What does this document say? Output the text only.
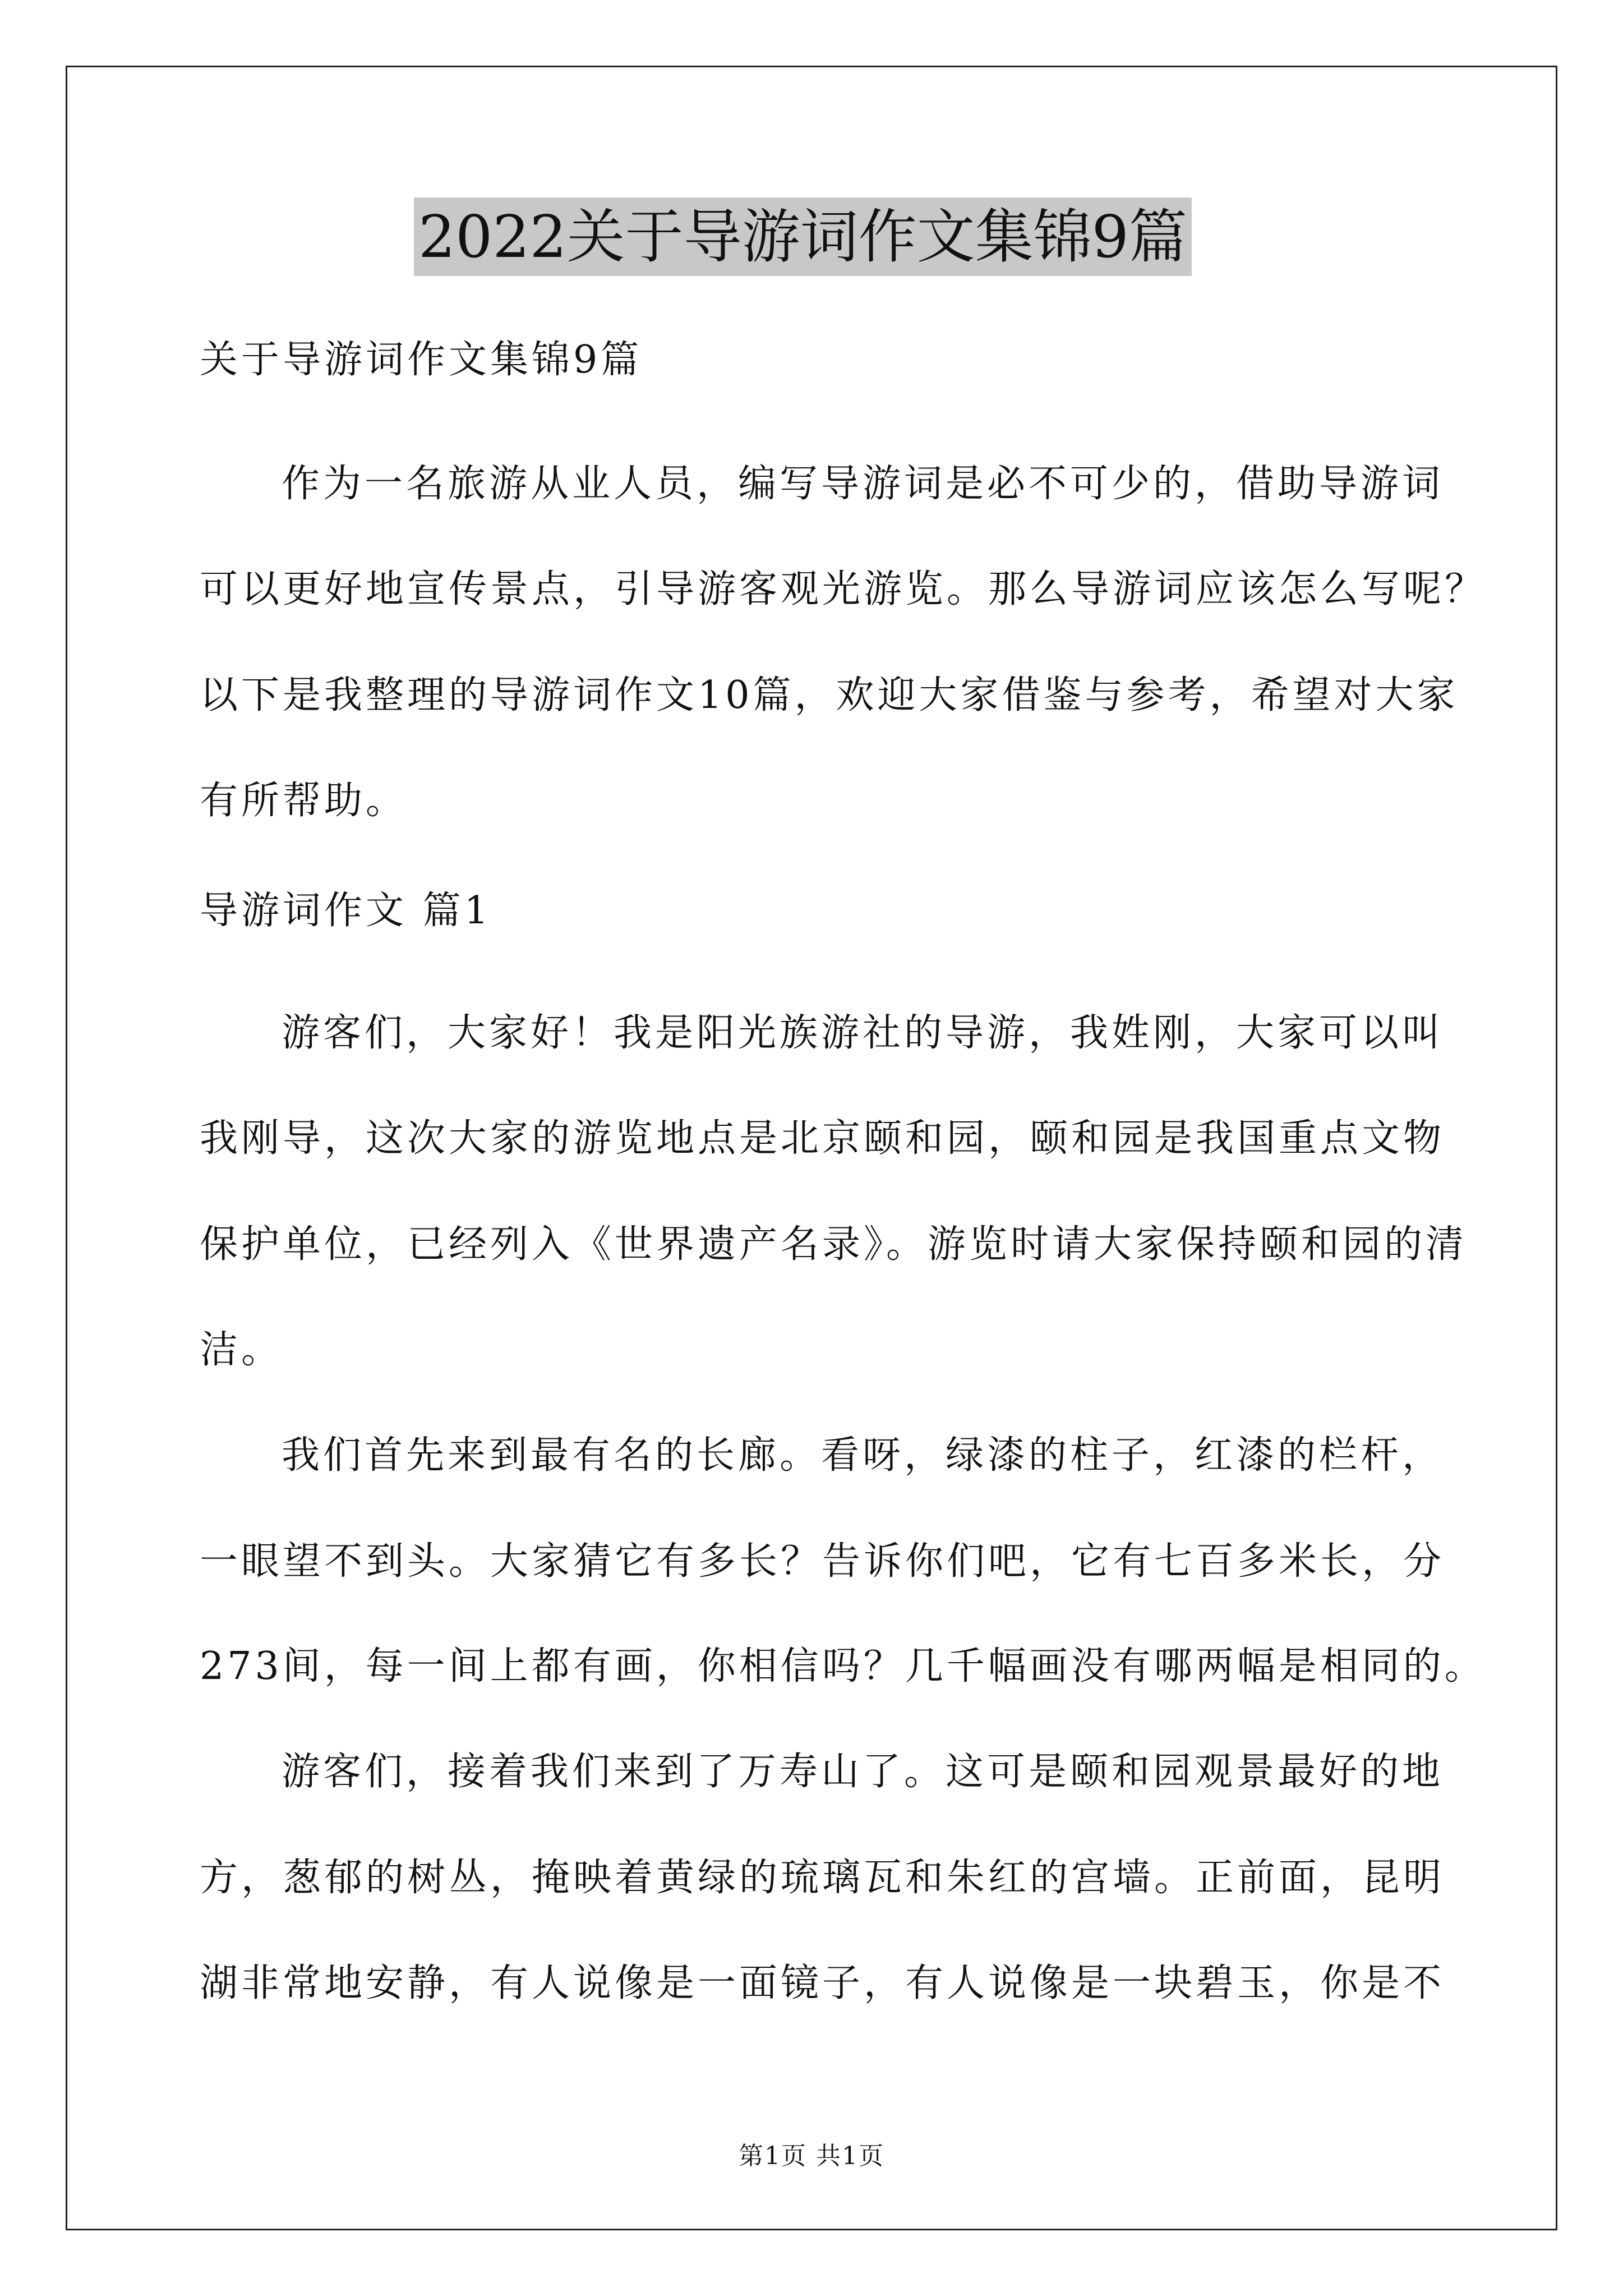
2022关于导游词作文集锦9篇
关于导游词作文集锦9篇
作为一名旅游从业人员，编写导游词是必不可少的，借助导游词
可以更好地宣传景点，引导游客观光游览。那么导游词应该怎么写呢？
以下是我整理的导游词作文10篇，欢迎大家借鉴与参考，希望对大家
有所帮助。
导游词作文 篇1
游客们，大家好！我是阳光族游社的导游，我姓刚，大家可以叫
我刚导，这次大家的游览地点是北京颐和园，颐和园是我国重点文物
保护单位，已经列入《世界遗产名录》。游览时请大家保持颐和园的清
洁。
我们首先来到最有名的长廊。看呀，绿漆的柱子，红漆的栏杆，
一眼望不到头。大家猜它有多长？告诉你们吧，它有七百多米长，分
273间，每一间上都有画，你相信吗？几千幅画没有哪两幅是相同的。
游客们，接着我们来到了万寿山了。这可是颐和园观景最好的地
方，葱郁的树丛，掩映着黄绿的琉璃瓦和朱红的宫墙。正前面，昆明
湖非常地安静，有人说像是一面镜子，有人说像是一块碧玉，你是不
第1页 共1页
